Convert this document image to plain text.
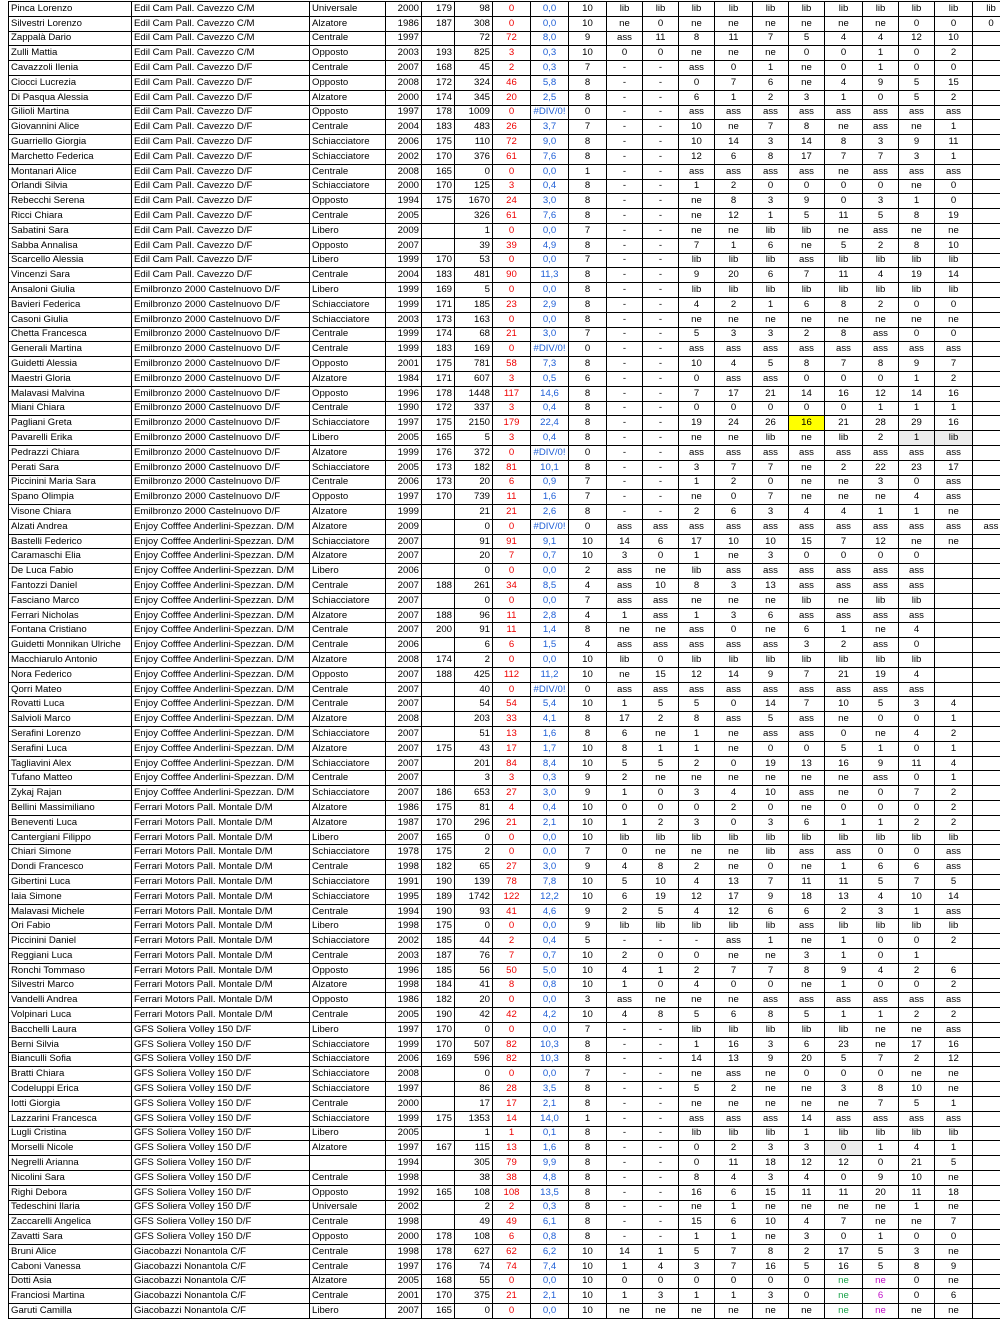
Pinca Lorenzo	Edil Cam Pall. Cavezzo C/M	Universale	2000	179	98	0	0,0	10	lib	lib	lib	lib	lib	lib	lib	lib	lib	lib	lib
Silvestri Lorenzo	Edil Cam Pall. Cavezzo C/M	Alzatore	1986	187	308	0	0,0	10	ne	0	ne	ne	ne	ne	ne	ne	0	0	0
Zappalà Dario	Edil Cam Pall. Cavezzo C/M	Centrale	1997		72	72	8,0	9	ass	11	8	11	7	5	4	4	12	10	
Zulli Mattia	Edil Cam Pall. Cavezzo C/M	Opposto	2003	193	825	3	0,3	10	0	0	ne	ne	ne	0	0	1	0	2	
Cavazzoli Ilenia	Edil Cam Pall. Cavezzo D/F	Centrale	2007	168	45	2	0,3	7	-	-	ass	0	1	ne	0	1	0	0	
Ciocci Lucrezia	Edil Cam Pall. Cavezzo D/F	Opposto	2008	172	324	46	5,8	8	-	-	0	7	6	ne	4	9	5	15	
Di Pasqua Alessia	Edil Cam Pall. Cavezzo D/F	Alzatore	2000	174	345	20	2,5	8	-	-	6	1	2	3	1	0	5	2	
Gilioli Martina	Edil Cam Pall. Cavezzo D/F	Opposto	1997	178	1009	0	#DIV/0!	0	-	-	ass	ass	ass	ass	ass	ass	ass	ass	
Giovannini Alice	Edil Cam Pall. Cavezzo D/F	Centrale	2004	183	483	26	3,7	7	-	-	10	ne	7	8	ne	ass	ne	1	
Guarriello Giorgia	Edil Cam Pall. Cavezzo D/F	Schiacciatore	2006	175	110	72	9,0	8	-	-	10	14	3	14	8	3	9	11	
Marchetto Federica	Edil Cam Pall. Cavezzo D/F	Schiacciatore	2002	170	376	61	7,6	8	-	-	12	6	8	17	7	7	3	1	
Montanari Alice	Edil Cam Pall. Cavezzo D/F	Centrale	2008	165	0	0	0,0	1	-	-	ass	ass	ass	ass	ne	ass	ass	ass	
Orlandi Silvia	Edil Cam Pall. Cavezzo D/F	Schiacciatore	2000	170	125	3	0,4	8	-	-	1	2	0	0	0	0	ne	0	
Rebecchi Serena	Edil Cam Pall. Cavezzo D/F	Opposto	1994	175	1670	24	3,0	8	-	-	ne	8	3	9	0	3	1	0	
Ricci Chiara	Edil Cam Pall. Cavezzo D/F	Centrale	2005		326	61	7,6	8	-	-	ne	12	1	5	11	5	8	19	
Sabatini Sara	Edil Cam Pall. Cavezzo D/F	Libero	2009		1	0	0,0	7	-	-	ne	ne	lib	lib	ne	ass	ne	ne	
Sabba Annalisa	Edil Cam Pall. Cavezzo D/F	Opposto	2007		39	39	4,9	8	-	-	7	1	6	ne	5	2	8	10	
Scarcello Alessia	Edil Cam Pall. Cavezzo D/F	Libero	1999	170	53	0	0,0	7	-	-	lib	lib	lib	ass	lib	lib	lib	lib	
Vincenzi Sara	Edil Cam Pall. Cavezzo D/F	Centrale	2004	183	481	90	11,3	8	-	-	9	20	6	7	11	4	19	14	
Ansaloni Giulia	Emilbronzo 2000 Castelnuovo D/F	Libero	1999	169	5	0	0,0	8	-	-	lib	lib	lib	lib	lib	lib	lib	lib	
Bavieri Federica	Emilbronzo 2000 Castelnuovo D/F	Schiacciatore	1999	171	185	23	2,9	8	-	-	4	2	1	6	8	2	0	0	
Casoni Giulia	Emilbronzo 2000 Castelnuovo D/F	Schiacciatore	2003	173	163	0	0,0	8	-	-	ne	ne	ne	ne	ne	ne	ne	ne	
Chetta Francesca	Emilbronzo 2000 Castelnuovo D/F	Centrale	1999	174	68	21	3,0	7	-	-	5	3	3	2	8	ass	0	0	
Generali Martina	Emilbronzo 2000 Castelnuovo D/F	Centrale	1999	183	169	0	#DIV/0!	0	-	-	ass	ass	ass	ass	ass	ass	ass	ass	
Guidetti Alessia	Emilbronzo 2000 Castelnuovo D/F	Opposto	2001	175	781	58	7,3	8	-	-	10	4	5	8	7	8	9	7	
Maestri Gloria	Emilbronzo 2000 Castelnuovo D/F	Alzatore	1984	171	607	3	0,5	6	-	-	0	ass	ass	0	0	0	1	2	
Malavasi Malvina	Emilbronzo 2000 Castelnuovo D/F	Opposto	1996	178	1448	117	14,6	8	-	-	7	17	21	14	16	12	14	16	
Miani Chiara	Emilbronzo 2000 Castelnuovo D/F	Centrale	1990	172	337	3	0,4	8	-	-	0	0	0	0	0	1	1	1	
Pagliani Greta	Emilbronzo 2000 Castelnuovo D/F	Schiacciatore	1997	175	2150	179	22,4	8	-	-	19	24	26	16	21	28	29	16	
Pavarelli Erika	Emilbronzo 2000 Castelnuovo D/F	Libero	2005	165	5	3	0,4	8	-	-	ne	ne	lib	ne	lib	2	1	lib	
Pedrazzi Chiara	Emilbronzo 2000 Castelnuovo D/F	Alzatore	1999	176	372	0	#DIV/0!	0	-	-	ass	ass	ass	ass	ass	ass	ass	ass	
Perati Sara	Emilbronzo 2000 Castelnuovo D/F	Schiacciatore	2005	173	182	81	10,1	8	-	-	3	7	7	ne	2	22	23	17	
Piccinini Maria Sara	Emilbronzo 2000 Castelnuovo D/F	Centrale	2006	173	20	6	0,9	7	-	-	1	2	0	ne	ne	3	0	ass	
Spano Olimpia	Emilbronzo 2000 Castelnuovo D/F	Opposto	1997	170	739	11	1,6	7	-	-	ne	0	7	ne	ne	ne	4	ass	
Visone Chiara	Emilbronzo 2000 Castelnuovo D/F	Alzatore	1999		21	21	2,6	8	-	-	2	6	3	4	4	1	1	ne	
Alzati Andrea	Enjoy Cofffee Anderlini-Spezzan. D/M	Alzatore	2009		0	0	#DIV/0!	0	ass	ass	ass	ass	ass	ass	ass	ass	ass	ass	ass
Bastelli Federico	Enjoy Cofffee Anderlini-Spezzan. D/M	Schiacciatore	2007		91	91	9,1	10	14	6	17	10	10	15	7	12	ne	ne	
Caramaschi Elia	Enjoy Cofffee Anderlini-Spezzan. D/M	Alzatore	2007		20	7	0,7	10	3	0	1	ne	3	0	0	0	0		
De Luca Fabio	Enjoy Cofffee Anderlini-Spezzan. D/M	Libero	2006		0	0	0,0	2	ass	ne	lib	ass	ass	ass	ass	ass	ass		
Fantozzi Daniel	Enjoy Cofffee Anderlini-Spezzan. D/M	Centrale	2007	188	261	34	8,5	4	ass	10	8	3	13	ass	ass	ass	ass		
Fasciano Marco	Enjoy Cofffee Anderlini-Spezzan. D/M	Schiacciatore	2007		0	0	0,0	7	ass	ass	ne	ne	ne	lib	ne	lib	lib		
Ferrari Nicholas	Enjoy Cofffee Anderlini-Spezzan. D/M	Alzatore	2007	188	96	11	2,8	4	1	ass	1	3	6	ass	ass	ass	ass		
Fontana Cristiano	Enjoy Cofffee Anderlini-Spezzan. D/M	Centrale	2007	200	91	11	1,4	8	ne	ne	ass	0	ne	6	1	ne	4		
Guidetti Monnikan Ulriche	Enjoy Cofffee Anderlini-Spezzan. D/M	Centrale	2006		6	6	1,5	4	ass	ass	ass	ass	ass	3	2	ass	0		
Macchiarulo Antonio	Enjoy Cofffee Anderlini-Spezzan. D/M	Alzatore	2008	174	2	0	0,0	10	lib	0	lib	lib	lib	lib	lib	lib	lib		
Nora Federico	Enjoy Cofffee Anderlini-Spezzan. D/M	Opposto	2007	188	425	112	11,2	10	ne	15	12	14	9	7	21	19	4		
Qorri Mateo	Enjoy Cofffee Anderlini-Spezzan. D/M	Centrale	2007		40	0	#DIV/0!	0	ass	ass	ass	ass	ass	ass	ass	ass	ass		
Rovatti Luca	Enjoy Cofffee Anderlini-Spezzan. D/M	Centrale	2007		54	54	5,4	10	1	5	5	0	14	7	10	5	3	4	
Salvioli Marco	Enjoy Cofffee Anderlini-Spezzan. D/M	Alzatore	2008		203	33	4,1	8	17	2	8	ass	5	ass	ne	0	0	1	
Serafini Lorenzo	Enjoy Cofffee Anderlini-Spezzan. D/M	Schiacciatore	2007		51	13	1,6	8	6	ne	1	ne	ass	ass	0	ne	4	2	
Serafini Luca	Enjoy Cofffee Anderlini-Spezzan. D/M	Alzatore	2007	175	43	17	1,7	10	8	1	1	ne	0	0	5	1	0	1	
Tagliavini Alex	Enjoy Cofffee Anderlini-Spezzan. D/M	Schiacciatore	2007		201	84	8,4	10	5	5	2	0	19	13	16	9	11	4	
Tufano Matteo	Enjoy Cofffee Anderlini-Spezzan. D/M	Centrale	2007		3	3	0,3	9	2	ne	ne	ne	ne	ne	ne	ass	0	1	
Zykaj Rajan	Enjoy Cofffee Anderlini-Spezzan. D/M	Schiacciatore	2007	186	653	27	3,0	9	1	0	3	4	10	ass	ne	0	7	2	
Bellini Massimiliano	Ferrari Motors Pall. Montale D/M	Alzatore	1986	175	81	4	0,4	10	0	0	0	2	0	ne	0	0	0	2	
Beneventi Luca	Ferrari Motors Pall. Montale D/M	Alzatore	1987	170	296	21	2,1	10	1	2	3	0	3	6	1	1	2	2	
Cantergiani Filippo	Ferrari Motors Pall. Montale D/M	Libero	2007	165	0	0	0,0	10	lib	lib	lib	lib	lib	lib	lib	lib	lib	lib	
Chiari Simone	Ferrari Motors Pall. Montale D/M	Schiacciatore	1978	175	2	0	0,0	7	0	ne	ne	ne	lib	ass	ass	0	0	ass	
Dondi Francesco	Ferrari Motors Pall. Montale D/M	Centrale	1998	182	65	27	3,0	9	4	8	2	ne	0	ne	1	6	6	ass	
Gibertini Luca	Ferrari Motors Pall. Montale D/M	Schiacciatore	1991	190	139	78	7,8	10	5	10	4	13	7	11	11	5	7	5	
Iaia Simone	Ferrari Motors Pall. Montale D/M	Schiacciatore	1995	189	1742	122	12,2	10	6	19	12	17	9	18	13	4	10	14	
Malavasi Michele	Ferrari Motors Pall. Montale D/M	Centrale	1994	190	93	41	4,6	9	2	5	4	12	6	6	2	3	1	ass	
Ori Fabio	Ferrari Motors Pall. Montale D/M	Libero	1998	175	0	0	0,0	9	lib	lib	lib	lib	lib	ass	lib	lib	lib	lib	
Piccinini Daniel	Ferrari Motors Pall. Montale D/M	Schiacciatore	2002	185	44	2	0,4	5	-	-	-	ass	1	ne	1	0	0	2	
Reggiani Luca	Ferrari Motors Pall. Montale D/M	Centrale	2003	187	76	7	0,7	10	2	0	0	ne	ne	3	1	0	1		
Ronchi Tommaso	Ferrari Motors Pall. Montale D/M	Opposto	1996	185	56	50	5,0	10	4	1	2	7	7	8	9	4	2	6	
Silvestri Marco	Ferrari Motors Pall. Montale D/M	Alzatore	1998	184	41	8	0,8	10	1	0	4	0	0	ne	1	0	0	2	
Vandelli Andrea	Ferrari Motors Pall. Montale D/M	Opposto	1986	182	20	0	0,0	3	ass	ne	ne	ne	ass	ass	ass	ass	ass	ass	
Volpinari Luca	Ferrari Motors Pall. Montale D/M	Centrale	2005	190	42	42	4,2	10	4	8	5	6	8	5	1	1	2	2	
Bacchelli Laura	GFS Soliera Volley 150 D/F	Libero	1997	170	0	0	0,0	7	-	-	lib	lib	lib	lib	lib	ne	ne	ass	
Berni Silvia	GFS Soliera Volley 150 D/F	Schiacciatore	1999	170	507	82	10,3	8	-	-	1	16	3	6	23	ne	17	16	
Bianculli Sofia	GFS Soliera Volley 150 D/F	Schiacciatore	2006	169	596	82	10,3	8	-	-	14	13	9	20	5	7	2	12	
Bratti Chiara	GFS Soliera Volley 150 D/F	Schiacciatore	2008		0	0	0,0	7	-	-	ne	ass	ne	0	0	0	ne	ne	
Codeluppi Erica	GFS Soliera Volley 150 D/F	Schiacciatore	1997		86	28	3,5	8	-	-	5	2	ne	ne	3	8	10	ne	
Iotti Giorgia	GFS Soliera Volley 150 D/F	Centrale	2000		17	17	2,1	8	-	-	ne	ne	ne	ne	ne	7	5	1	
Lazzarini Francesca	GFS Soliera Volley 150 D/F	Schiacciatore	1999	175	1353	14	14,0	1	-	-	ass	ass	ass	14	ass	ass	ass	ass	
Lugli Cristina	GFS Soliera Volley 150 D/F	Libero	2005		1	1	0,1	8	-	-	lib	lib	lib	1	lib	lib	lib	lib	
Morselli Nicole	GFS Soliera Volley 150 D/F	Alzatore	1997	167	115	13	1,6	8	-	-	0	2	3	3	0	1	4	1	
Negrelli Arianna	GFS Soliera Volley 150 D/F		1994		305	79	9,9	8	-	-	0	11	18	12	12	0	21	5	
Nicolini Sara	GFS Soliera Volley 150 D/F	Centrale	1998		38	38	4,8	8	-	-	8	4	3	4	0	9	10	ne	
Righi Debora	GFS Soliera Volley 150 D/F	Opposto	1992	165	108	108	13,5	8	-	-	16	6	15	11	11	20	11	18	
Tedeschini Ilaria	GFS Soliera Volley 150 D/F	Universale	2002		2	2	0,3	8	-	-	ne	1	ne	ne	ne	ne	1	ne	
Zaccarelli Angelica	GFS Soliera Volley 150 D/F	Centrale	1998		49	49	6,1	8	-	-	15	6	10	4	7	ne	ne	7	
Zavatti Sara	GFS Soliera Volley 150 D/F	Opposto	2000	178	108	6	0,8	8	-	-	1	1	ne	3	0	1	0	0	
Bruni Alice	Giacobazzi Nonantola C/F	Centrale	1998	178	627	62	6,2	10	14	1	5	7	8	2	17	5	3	ne	
Caboni Vanessa	Giacobazzi Nonantola C/F	Centrale	1997	176	74	74	7,4	10	1	4	3	7	16	5	16	5	8	9	
Dotti Asia	Giacobazzi Nonantola C/F	Alzatore	2005	168	55	0	0,0	10	0	0	0	0	0	0	ne	ne	0	ne	
Franciosi Martina	Giacobazzi Nonantola C/F	Centrale	2001	170	375	21	2,1	10	1	3	1	1	3	0	ne	6	0	6	
Garuti Camilla	Giacobazzi Nonantola C/F	Libero	2007	165	0	0	0,0	10	ne	ne	ne	ne	ne	ne	ne	ne	ne	ne	
